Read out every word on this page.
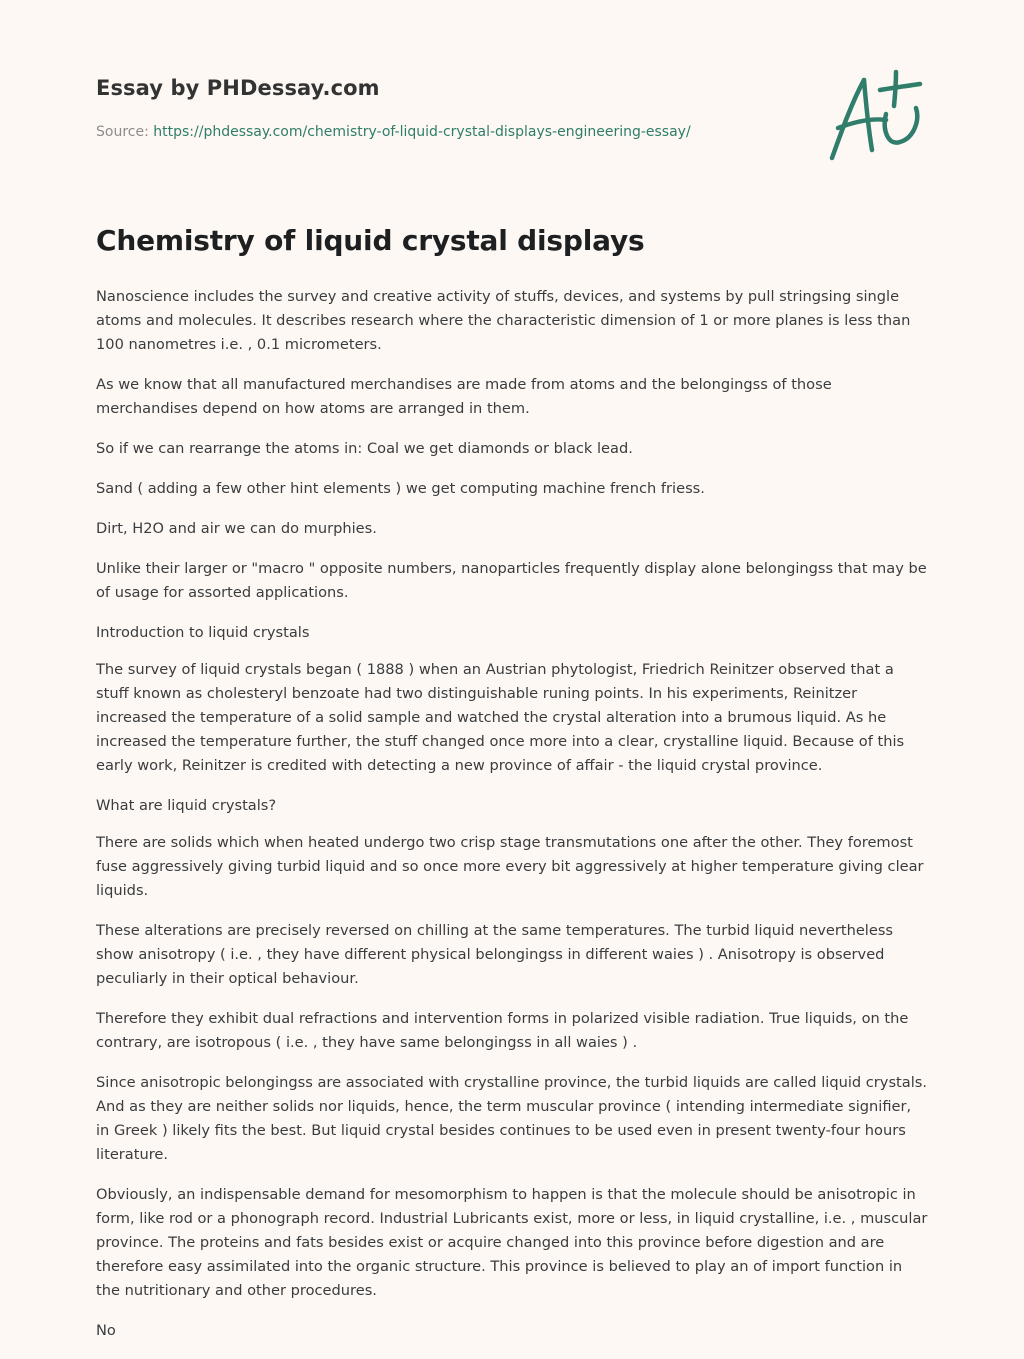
Essay by PHDessay.com
Source: https://phdessay.com/chemistry-of-liquid-crystal-displays-engineering-essay/
Chemistry of liquid crystal displays

Nanoscience includes the survey and creative activity of stuffs, devices, and systems by pull stringsing single atoms and molecules. It describes research where the characteristic dimension of 1 or more planes is less than 100 nanometres i.e. , 0.1 micrometers.

As we know that all manufactured merchandises are made from atoms and the belongingss of those merchandises depend on how atoms are arranged in them.

So if we can rearrange the atoms in: Coal we get diamonds or black lead.

Sand ( adding a few other hint elements ) we get computing machine french friess.

Dirt, H2O and air we can do murphies.

Unlike their larger or "macro " opposite numbers, nanoparticles frequently display alone belongingss that may be of usage for assorted applications.

Introduction to liquid crystals

The survey of liquid crystals began ( 1888 ) when an Austrian phytologist, Friedrich Reinitzer observed that a stuff known as cholesteryl benzoate had two distinguishable runing points. In his experiments, Reinitzer increased the temperature of a solid sample and watched the crystal alteration into a brumous liquid. As he increased the temperature further, the stuff changed once more into a clear, crystalline liquid. Because of this early work, Reinitzer is credited with detecting a new province of affair - the liquid crystal province.

What are liquid crystals?

There are solids which when heated undergo two crisp stage transmutations one after the other. They foremost fuse aggressively giving turbid liquid and so once more every bit aggressively at higher temperature giving clear liquids.

These alterations are precisely reversed on chilling at the same temperatures. The turbid liquid nevertheless show anisotropy ( i.e. , they have different physical belongingss in different waies ) . Anisotropy is observed peculiarly in their optical behaviour.

Therefore they exhibit dual refractions and intervention forms in polarized visible radiation. True liquids, on the contrary, are isotropous ( i.e. , they have same belongingss in all waies ) .

Since anisotropic belongingss are associated with crystalline province, the turbid liquids are called liquid crystals. And as they are neither solids nor liquids, hence, the term muscular province ( intending intermediate signifier, in Greek ) likely fits the best. But liquid crystal besides continues to be used even in present twenty-four hours literature.

Obviously, an indispensable demand for mesomorphism to happen is that the molecule should be anisotropic in form, like rod or a phonograph record. Industrial Lubricants exist, more or less, in liquid crystalline, i.e. , muscular province. The proteins and fats besides exist or acquire changed into this province before digestion and are therefore easy assimilated into the organic structure. This province is believed to play an of import function in the nutritionary and other procedures.

No
